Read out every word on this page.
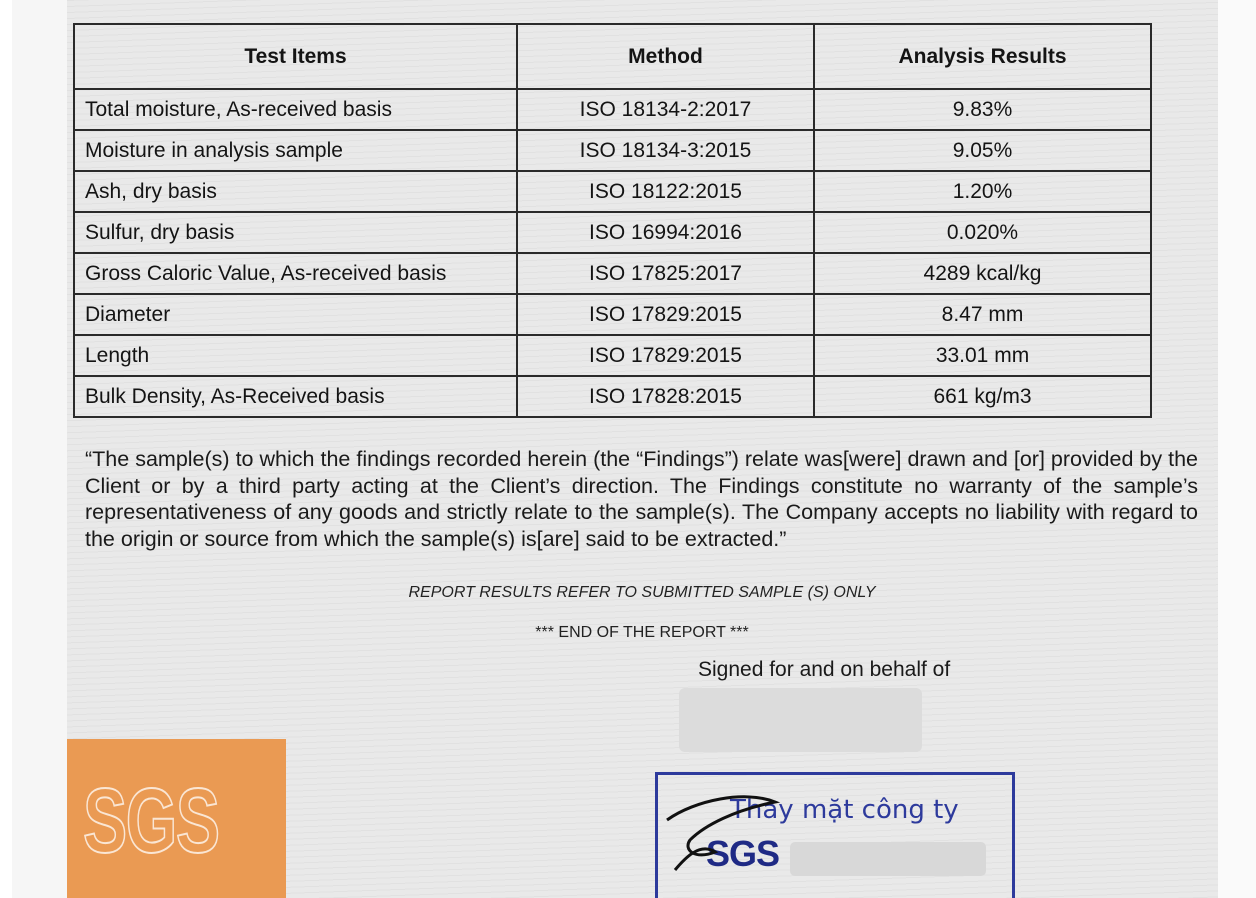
Test Items	Method	Analysis Results
Total moisture, As-received basis	ISO 18134-2:2017	9.83%
Moisture in analysis sample	ISO 18134-3:2015	9.05%
Ash, dry basis	ISO 18122:2015	1.20%
Sulfur, dry basis	ISO 16994:2016	0.020%
Gross Caloric Value, As-received basis	ISO 17825:2017	4289 kcal/kg
Diameter	ISO 17829:2015	8.47 mm
Length	ISO 17829:2015	33.01 mm
Bulk Density, As-Received basis	ISO 17828:2015	661 kg/m3
“The sample(s) to which the findings recorded herein (the “Findings”) relate was[were] drawn and [or] provided by the Client or by a third party acting at the Client’s direction. The Findings constitute no warranty of the sample’s representativeness of any goods and strictly relate to the sample(s). The Company accepts no liability with regard to the origin or source from which the sample(s) is[are] said to be extracted.”
REPORT RESULTS REFER TO SUBMITTED SAMPLE (S) ONLY
*** END OF THE REPORT ***
Signed for and on behalf of
SGS	Thay mặt công ty
SGS
